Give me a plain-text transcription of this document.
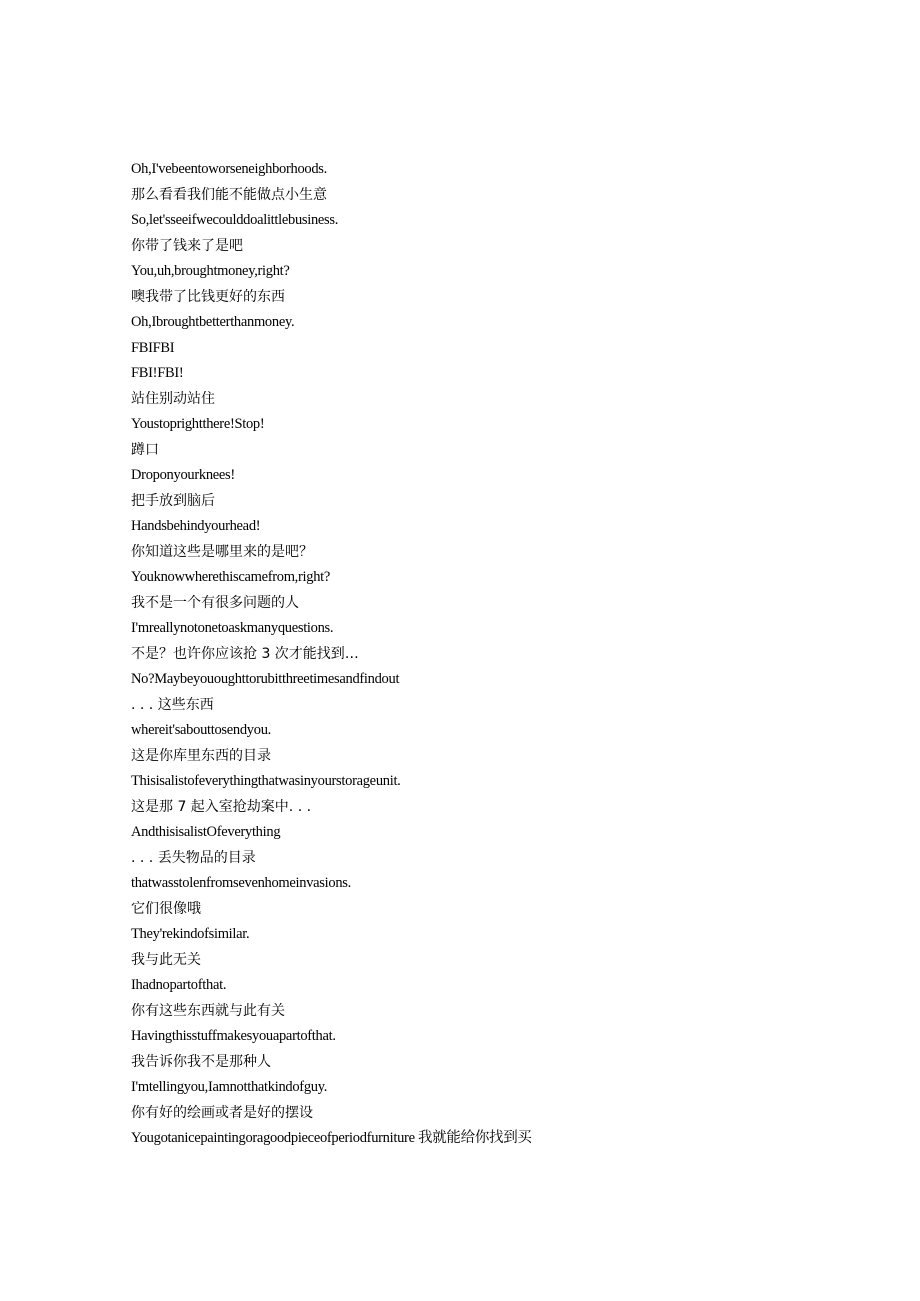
Oh,I'vebeentoworseneighborhoods.
那么看看我们能不能做点小生意
So,let'sseeifwecoulddoalittlebusiness.
你带了钱来了是吧
You,uh,broughtmoney,right?
噢我带了比钱更好的东西
Oh,Ibroughtbetterthanmoney.
FBIFBI
FBI!FBI!
站住别动站住
Youstoprightthere!Stop!
蹲口
Droponyourknees!
把手放到脑后
Handsbehindyourhead!
你知道这些是哪里来的是吧？
Youknowwherethiscamefrom,right?
我不是一个有很多问题的人
I'mreallynotonetoaskmanyquestions.
不是？也许你应该抢 3 次才能找到…
No?Maybeyououghttorubitthreetimesandfindout
. . . 这些东西
whereit'sabouttosendyou.
这是你库里东西的目录
Thisisalistofeverythingthatwasinyourstorageunit.
这是那 7 起入室抢劫案中. . .
AndthisisalistOfeverything
. . . 丢失物品的目录
thatwasstolenfromsevenhomeinvasions.
它们很像哦
They'rekindofsimilar.
我与此无关
Ihadnopartofthat.
你有这些东西就与此有关
Havingthisstuffmakesyouapartofthat.
我告诉你我不是那种人
I'mtellingyou,Iamnotthatkindofguy.
你有好的绘画或者是好的摆设
Yougotanicepaintingoragoodpieceofperiodfurniture 我就能给你找到买
